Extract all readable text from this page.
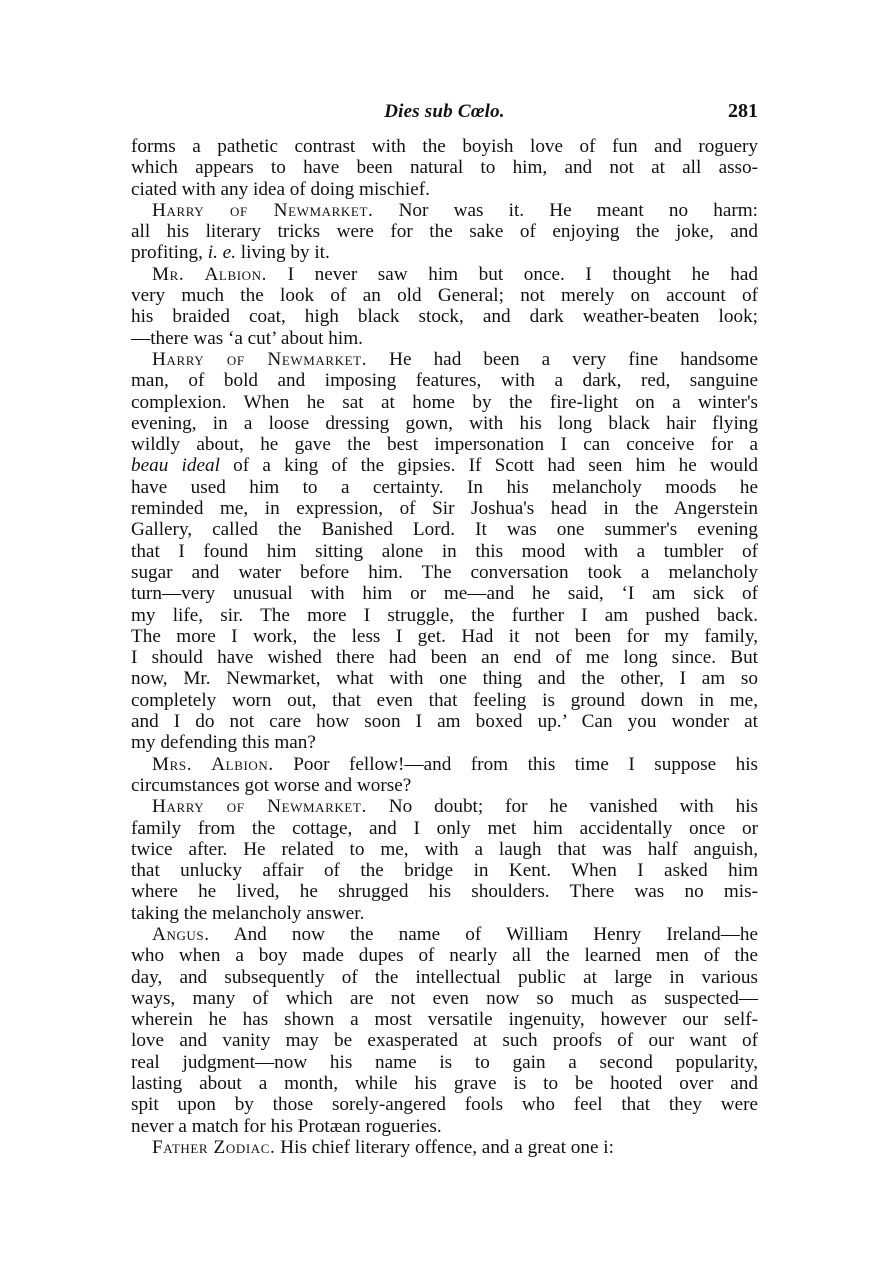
Dies sub Cœlo.	281
forms a pathetic contrast with the boyish love of fun and roguery
which appears to have been natural to him, and not at all asso-
ciated with any idea of doing mischief.
Harry of Newmarket. Nor was it. He meant no harm:
all his literary tricks were for the sake of enjoying the joke, and
profiting, i. e. living by it.
Mr. Albion. I never saw him but once. I thought he had
very much the look of an old General; not merely on account of
his braided coat, high black stock, and dark weather-beaten look;
—there was ‘a cut’ about him.
Harry of Newmarket. He had been a very fine handsome
man, of bold and imposing features, with a dark, red, sanguine
complexion. When he sat at home by the fire-light on a winter's
evening, in a loose dressing gown, with his long black hair flying
wildly about, he gave the best impersonation I can conceive for a
beau ideal of a king of the gipsies. If Scott had seen him he would
have used him to a certainty. In his melancholy moods he
reminded me, in expression, of Sir Joshua's head in the Angerstein
Gallery, called the Banished Lord. It was one summer's evening
that I found him sitting alone in this mood with a tumbler of
sugar and water before him. The conversation took a melancholy
turn—very unusual with him or me—and he said, ‘I am sick of
my life, sir. The more I struggle, the further I am pushed back.
The more I work, the less I get. Had it not been for my family,
I should have wished there had been an end of me long since. But
now, Mr. Newmarket, what with one thing and the other, I am so
completely worn out, that even that feeling is ground down in me,
and I do not care how soon I am boxed up.’ Can you wonder at
my defending this man?
Mrs. Albion. Poor fellow!—and from this time I suppose his
circumstances got worse and worse?
Harry of Newmarket. No doubt; for he vanished with his
family from the cottage, and I only met him accidentally once or
twice after. He related to me, with a laugh that was half anguish,
that unlucky affair of the bridge in Kent. When I asked him
where he lived, he shrugged his shoulders. There was no mis-
taking the melancholy answer.
Angus. And now the name of William Henry Ireland—he
who when a boy made dupes of nearly all the learned men of the
day, and subsequently of the intellectual public at large in various
ways, many of which are not even now so much as suspected—
wherein he has shown a most versatile ingenuity, however our self-
love and vanity may be exasperated at such proofs of our want of
real judgment—now his name is to gain a second popularity,
lasting about a month, while his grave is to be hooted over and
spit upon by those sorely-angered fools who feel that they were
never a match for his Protæan rogueries.
Father Zodiac. His chief literary offence, and a great one i:
